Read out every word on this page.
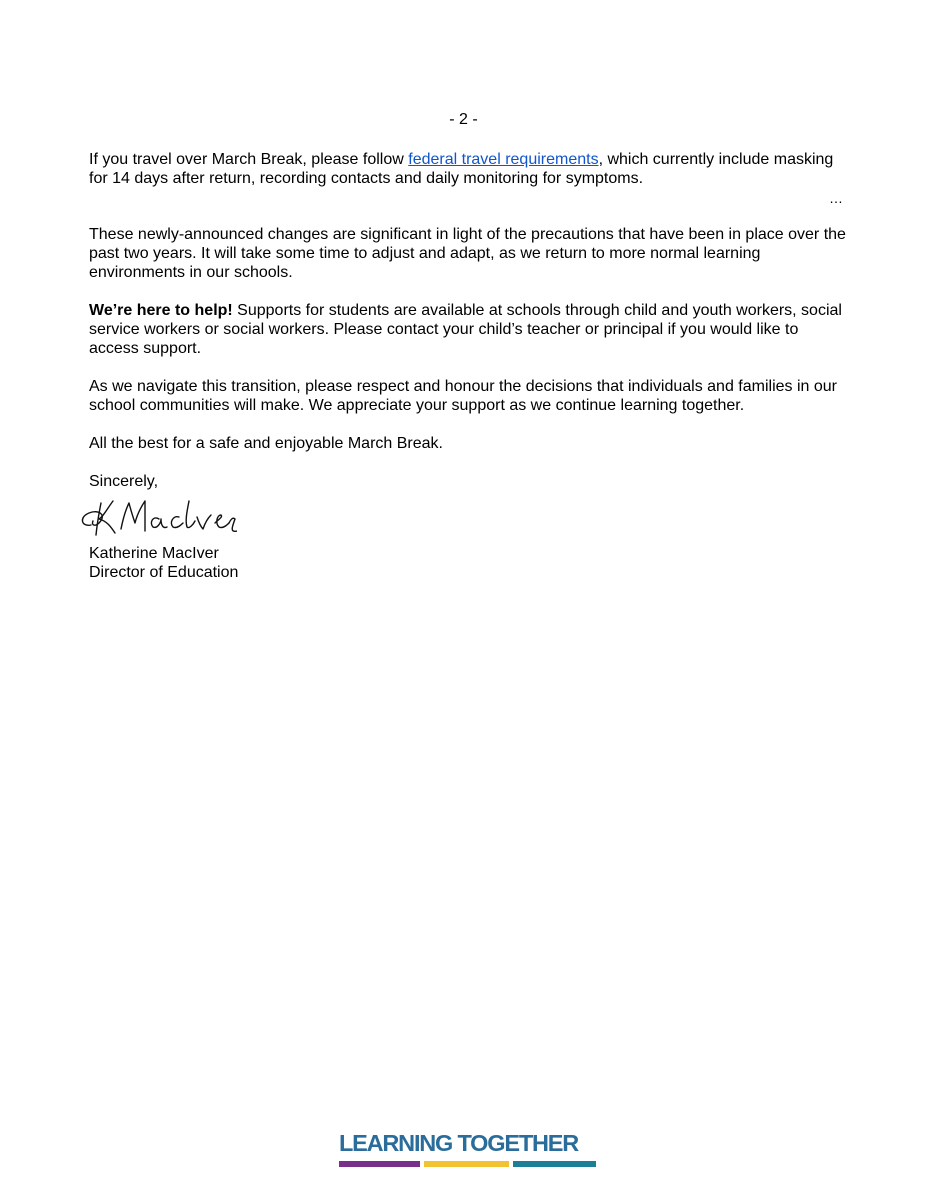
- 2 -
…

If you travel over March Break, please follow federal travel requirements, which currently include masking for 14 days after return, recording contacts and daily monitoring for symptoms.

These newly-announced changes are significant in light of the precautions that have been in place over the past two years. It will take some time to adjust and adapt, as we return to more normal learning environments in our schools.

We’re here to help! Supports for students are available at schools through child and youth workers, social service workers or social workers. Please contact your child’s teacher or principal if you would like to access support.

As we navigate this transition, please respect and honour the decisions that individuals and families in our school communities will make. We appreciate your support as we continue learning together.

All the best for a safe and enjoyable March Break.

Sincerely,

Katherine MacIver

Director of Education

LEARNING TOGETHER
